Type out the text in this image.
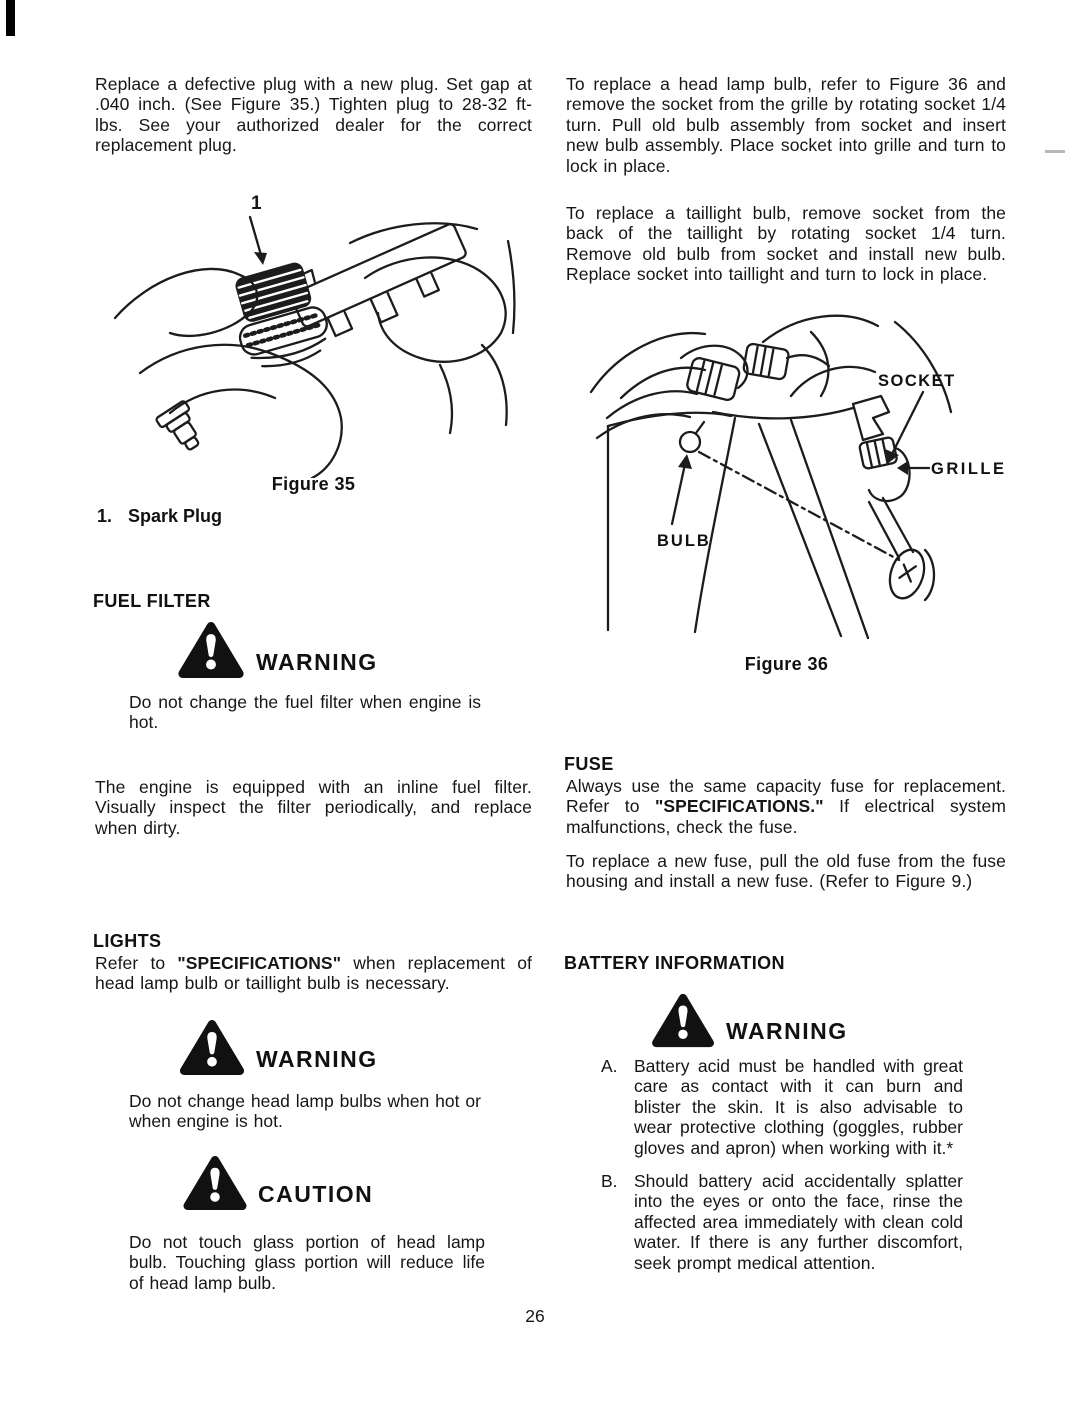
Replace a defective plug with a new plug. Set gap at .040 inch. (See Figure 35.) Tighten plug to 28-32 ft-lbs. See your authorized dealer for the correct replacement plug.
1
Figure 35
1. Spark Plug
FUEL FILTER
WARNING
Do not change the fuel filter when engine is hot.
The engine is equipped with an inline fuel filter. Visually inspect the filter periodically, and replace when dirty.
LIGHTS
Refer to "SPECIFICATIONS" when replacement of head lamp bulb or taillight bulb is necessary.
WARNING
Do not change head lamp bulbs when hot or when engine is hot.
CAUTION
Do not touch glass portion of head lamp bulb. Touching glass portion will reduce life of head lamp bulb.
26
To replace a head lamp bulb, refer to Figure 36 and remove the socket from the grille by rotating socket 1/4 turn. Pull old bulb assembly from socket and insert new bulb assembly. Place socket into grille and turn to lock in place.
To replace a taillight bulb, remove socket from the back of the taillight by rotating socket 1/4 turn. Remove old bulb from socket and install new bulb. Replace socket into taillight and turn to lock in place.
SOCKET
GRILLE
BULB
Figure 36
FUSE
Always use the same capacity fuse for replacement. Refer to "SPECIFICATIONS." If electrical system malfunctions, check the fuse.
To replace a new fuse, pull the old fuse from the fuse housing and install a new fuse. (Refer to Figure 9.)
BATTERY INFORMATION
WARNING
A. Battery acid must be handled with great care as contact with it can burn and blister the skin. It is also advisable to wear protective clothing (goggles, rubber gloves and apron) when working with it.*
B. Should battery acid accidentally splatter into the eyes or onto the face, rinse the affected area immediately with clean cold water. If there is any further discomfort, seek prompt medical attention.
